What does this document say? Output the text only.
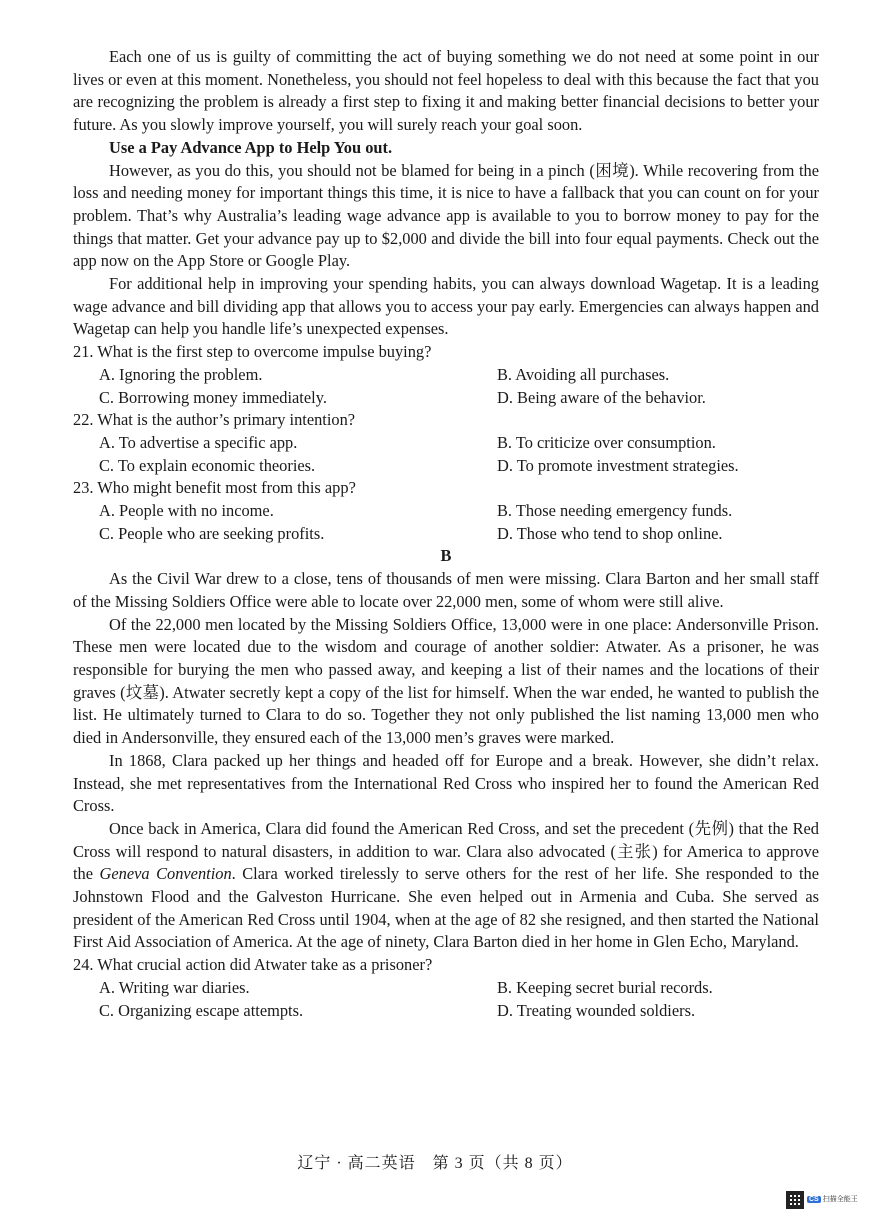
Each one of us is guilty of committing the act of buying something we do not need at some point in our lives or even at this moment. Nonetheless, you should not feel hopeless to deal with this because the fact that you are recognizing the problem is already a first step to fixing it and making better financial decisions to better your future. As you slowly improve yourself, you will surely reach your goal soon.

Use a Pay Advance App to Help You out.

However, as you do this, you should not be blamed for being in a pinch (困境). While recovering from the loss and needing money for important things this time, it is nice to have a fallback that you can count on for your problem. That’s why Australia’s leading wage advance app is available to you to borrow money to pay for the things that matter. Get your advance pay up to $2,000 and divide the bill into four equal payments. Check out the app now on the App Store or Google Play.

For additional help in improving your spending habits, you can always download Wagetap. It is a leading wage advance and bill dividing app that allows you to access your pay early. Emergencies can always happen and Wagetap can help you handle life’s unexpected expenses.

21. What is the first step to overcome impulse buying?
A. Ignoring the problem.	B. Avoiding all purchases.
C. Borrowing money immediately.	D. Being aware of the behavior.
22. What is the author’s primary intention?
A. To advertise a specific app.	B. To criticize over consumption.
C. To explain economic theories.	D. To promote investment strategies.
23. Who might benefit most from this app?
A. People with no income.	B. Those needing emergency funds.
C. People who are seeking profits.	D. Those who tend to shop online.
B

As the Civil War drew to a close, tens of thousands of men were missing. Clara Barton and her small staff of the Missing Soldiers Office were able to locate over 22,000 men, some of whom were still alive.

Of the 22,000 men located by the Missing Soldiers Office, 13,000 were in one place: Andersonville Prison. These men were located due to the wisdom and courage of another soldier: Atwater. As a prisoner, he was responsible for burying the men who passed away, and keeping a list of their names and the locations of their graves (坟墓). Atwater secretly kept a copy of the list for himself. When the war ended, he wanted to publish the list. He ultimately turned to Clara to do so. Together they not only published the list naming 13,000 men who died in Andersonville, they ensured each of the 13,000 men’s graves were marked.

In 1868, Clara packed up her things and headed off for Europe and a break. However, she didn’t relax. Instead, she met representatives from the International Red Cross who inspired her to found the American Red Cross.

Once back in America, Clara did found the American Red Cross, and set the precedent (先例) that the Red Cross will respond to natural disasters, in addition to war. Clara also advocated (主张) for America to approve the Geneva Convention. Clara worked tirelessly to serve others for the rest of her life. She responded to the Johnstown Flood and the Galveston Hurricane. She even helped out in Armenia and Cuba. She served as president of the American Red Cross until 1904, when at the age of 82 she resigned, and then started the National First Aid Association of America. At the age of ninety, Clara Barton died in her home in Glen Echo, Maryland.

24. What crucial action did Atwater take as a prisoner?
A. Writing war diaries.	B. Keeping secret burial records.
C. Organizing escape attempts.	D. Treating wounded soldiers.
辽宁 · 高二英语　第 3 页（共 8 页）
CS 扫描全能王
